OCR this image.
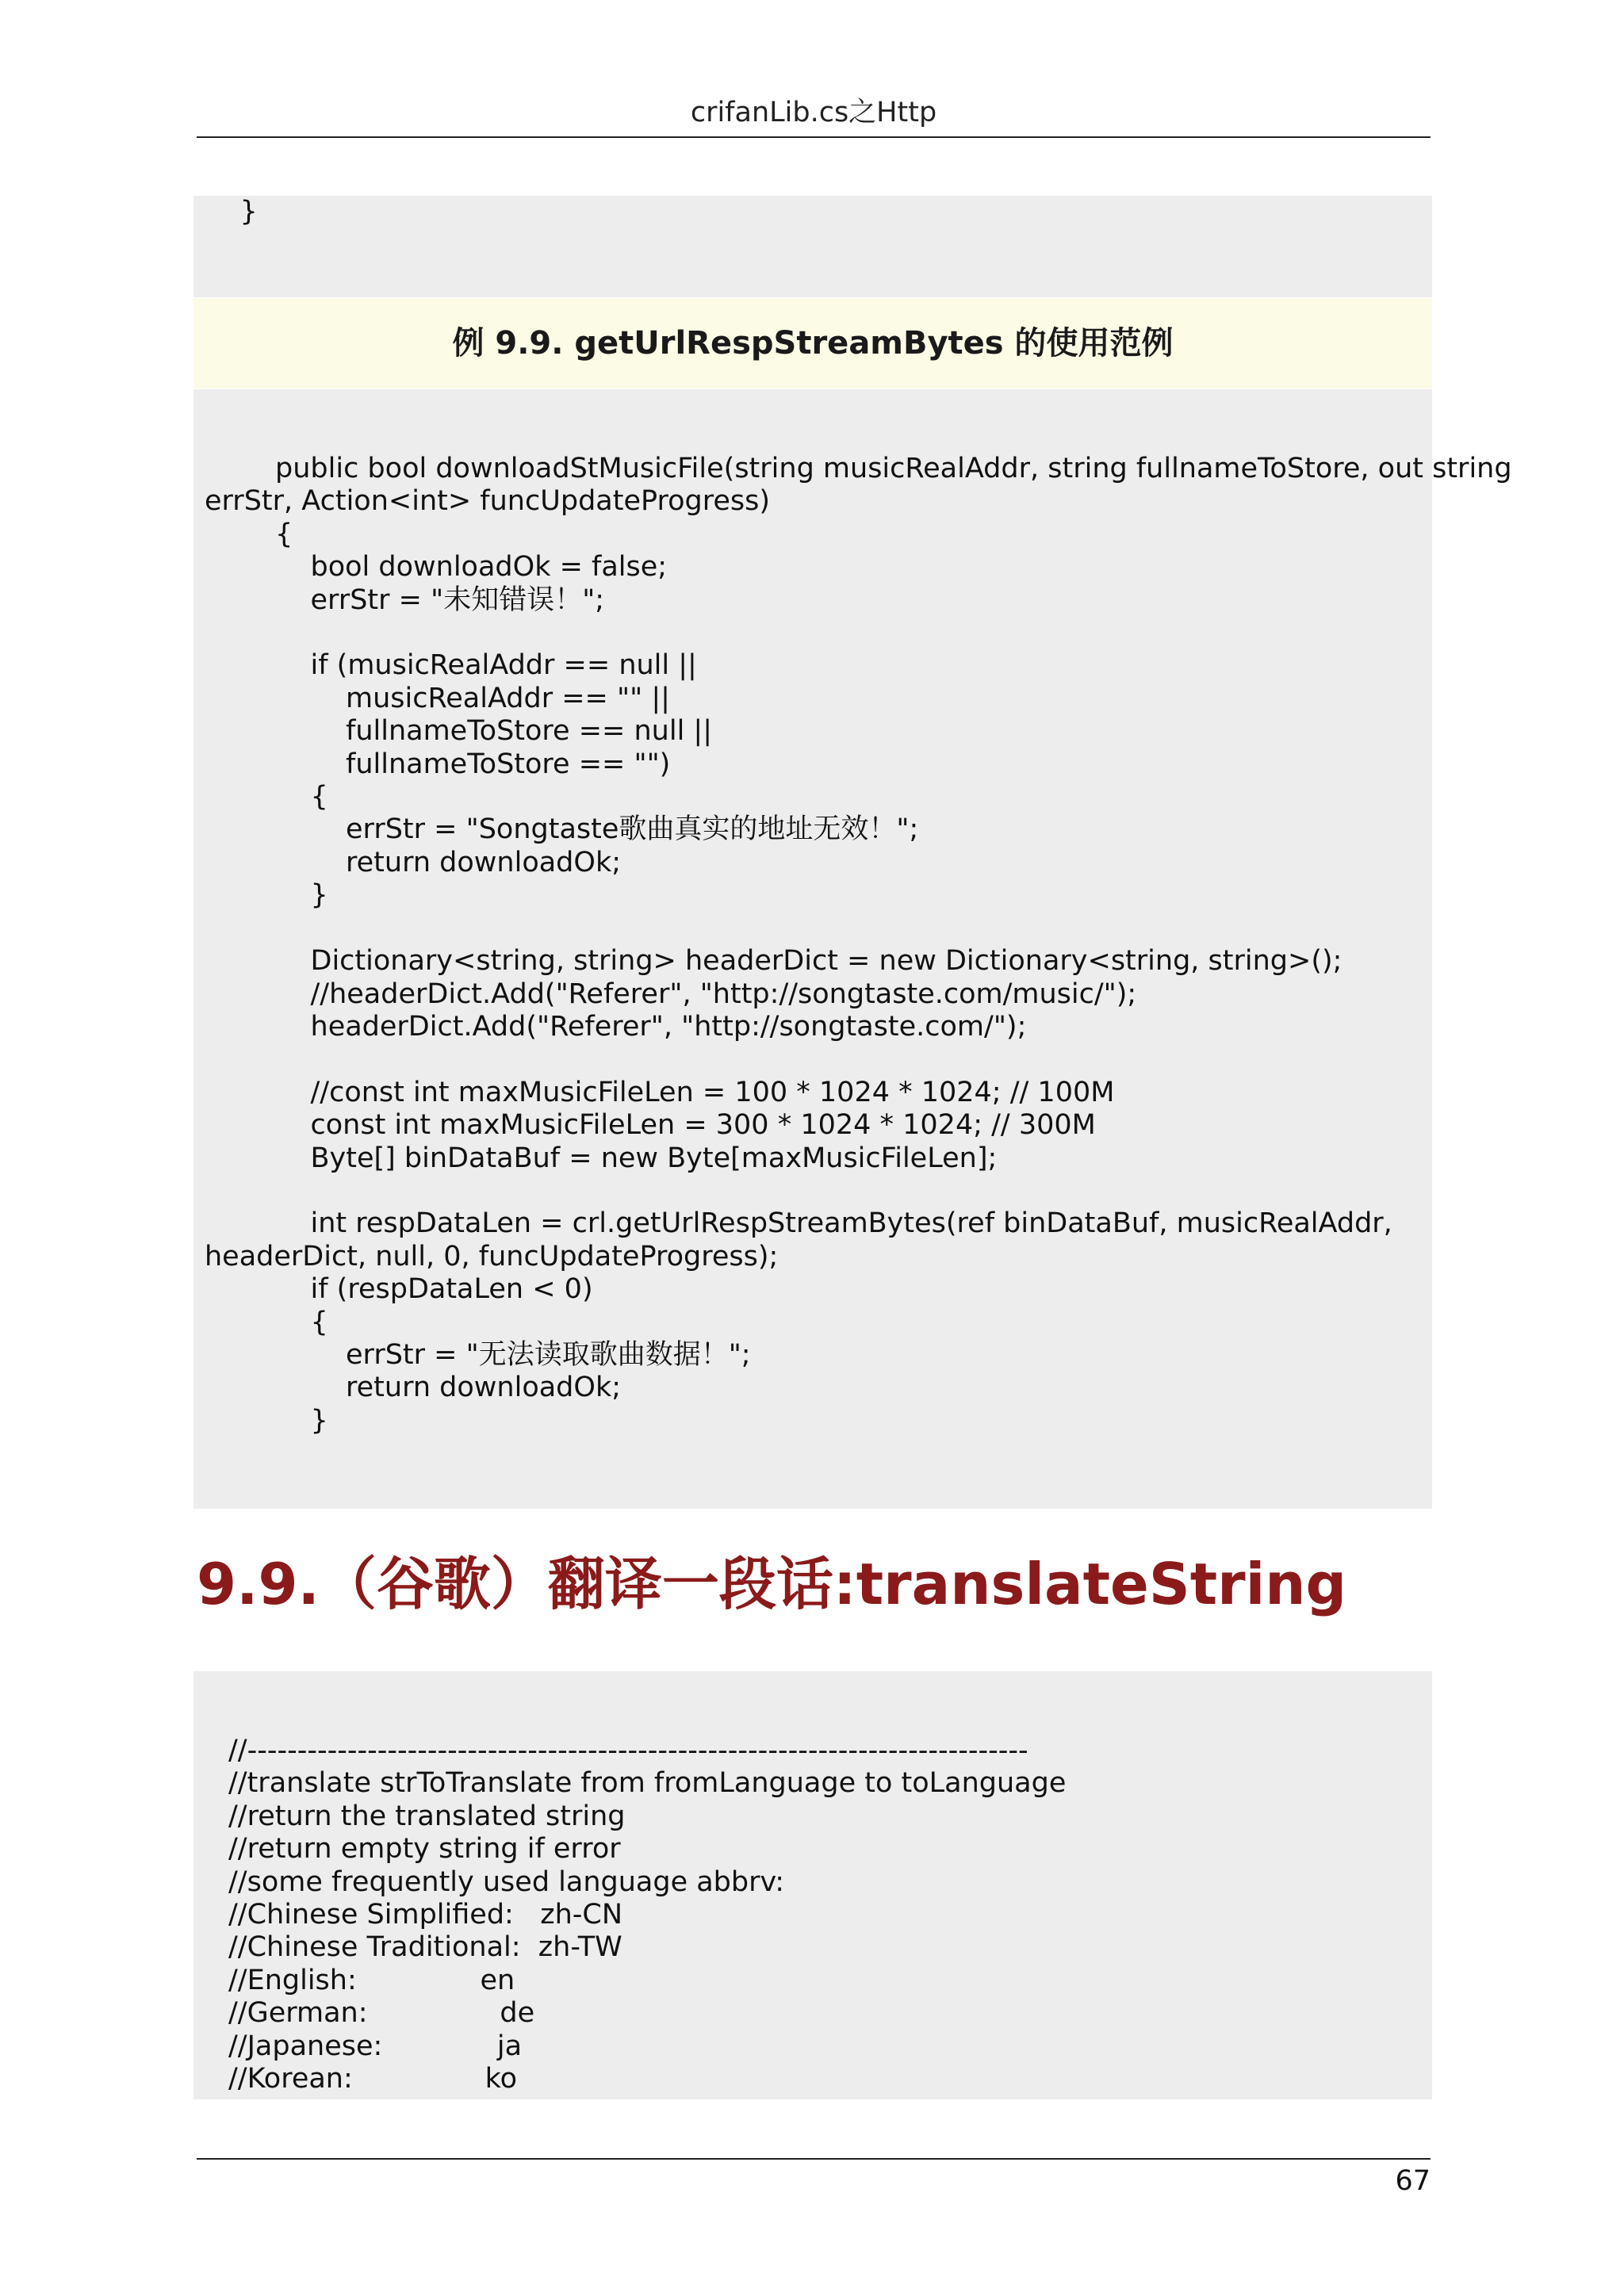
crifanLib.cs之Http
}
例 9.9. getUrlRespStreamBytes 的使用范例
public bool downloadStMusicFile(string musicRealAddr, string fullnameToStore, out string
errStr, Action<int> funcUpdateProgress)
{
bool downloadOk = false;
errStr = "未知错误！";

if (musicRealAddr == null ||
musicRealAddr == "" ||
fullnameToStore == null ||
fullnameToStore == "")
{
errStr = "Songtaste歌曲真实的地址无效！";
return downloadOk;
}

Dictionary<string, string> headerDict = new Dictionary<string, string>();
//headerDict.Add("Referer", "http://songtaste.com/music/");
headerDict.Add("Referer", "http://songtaste.com/");

//const int maxMusicFileLen = 100 * 1024 * 1024; // 100M
const int maxMusicFileLen = 300 * 1024 * 1024; // 300M
Byte[] binDataBuf = new Byte[maxMusicFileLen];

int respDataLen = crl.getUrlRespStreamBytes(ref binDataBuf, musicRealAddr,
headerDict, null, 0, funcUpdateProgress);
if (respDataLen < 0)
{
errStr = "无法读取歌曲数据！";
return downloadOk;
}
9.9.（谷歌）翻译一段话:translateString
//------------------------------------------------------------------------------
//translate strToTranslate from fromLanguage to toLanguage
//return the translated string
//return empty string if error
//some frequently used language abbrv:
//Chinese Simplified:   zh-CN
//Chinese Traditional:  zh-TW
//English:              en
//German:               de
//Japanese:             ja
//Korean:               ko
67
